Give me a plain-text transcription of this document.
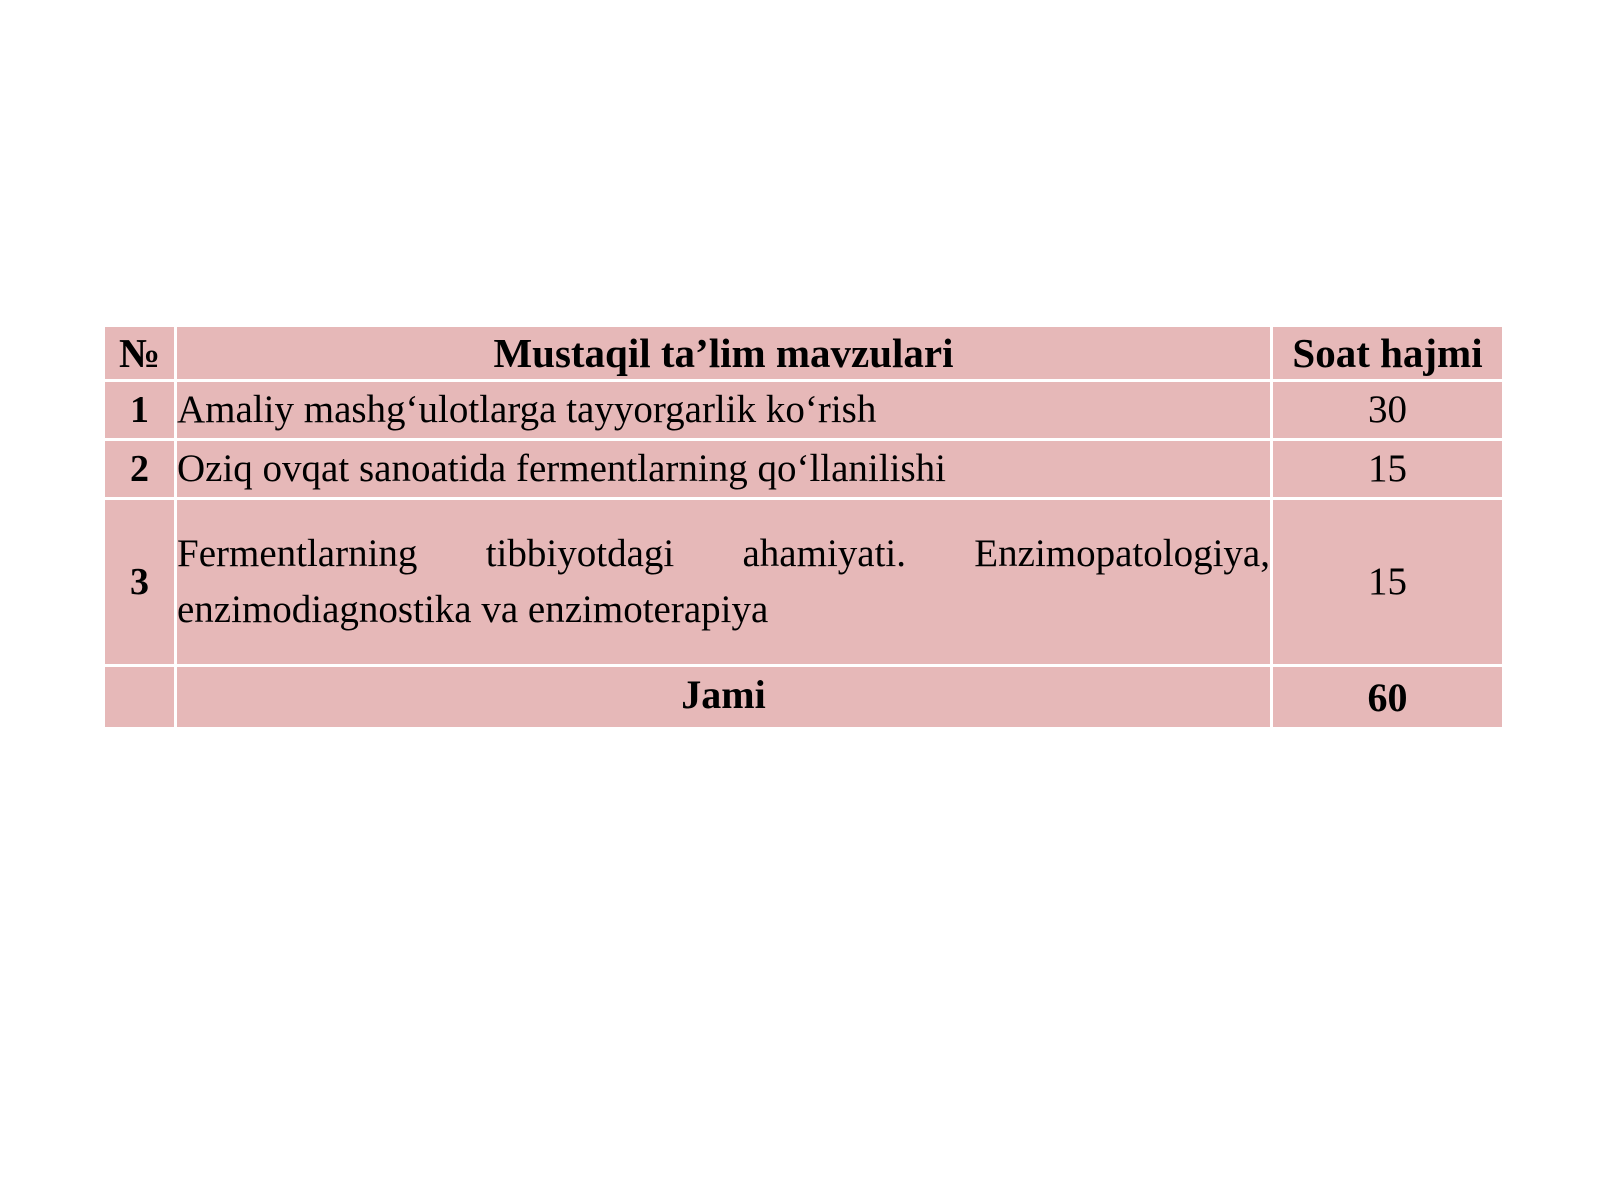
№	Mustaqil ta’lim mavzulari	Soat hajmi
1	Amaliy mashg‘ulotlarga tayyorgarlik ko‘rish	30
2	Oziq ovqat sanoatida fermentlarning qo‘llanilishi	15
3	Fermentlarning tibbiyotdagi ahamiyati. Enzimopatologiya, enzimodiagnostika va enzimoterapiya	15
	Jami	60
